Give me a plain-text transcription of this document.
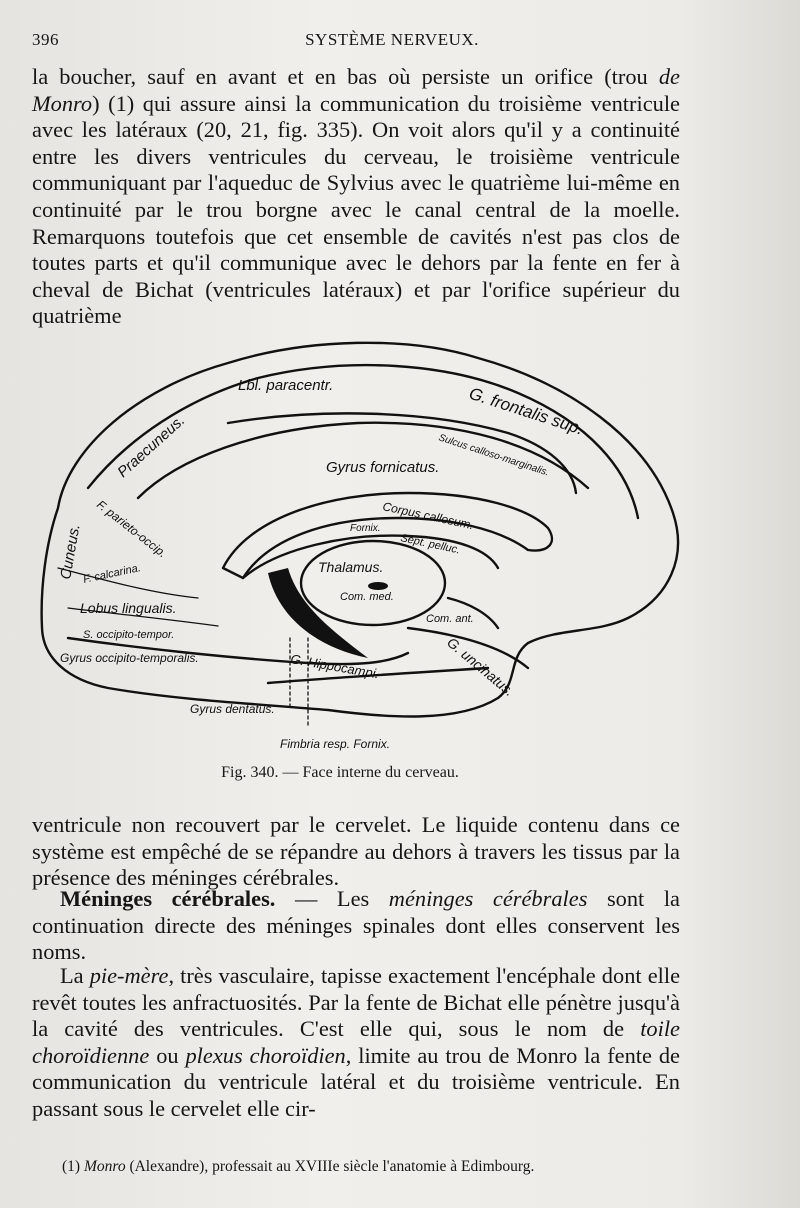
396	SYSTÈME NERVEUX.

la boucher, sauf en avant et en bas où persiste un orifice (trou de Monro) (1) qui assure ainsi la communication du troisième ventricule avec les latéraux (20, 21, fig. 335). On voit alors qu'il y a continuité entre les divers ventricules du cerveau, le troisième ventricule communiquant par l'aqueduc de Sylvius avec le quatrième lui-même en continuité par le trou borgne avec le canal central de la moelle. Remarquons toutefois que cet ensemble de cavités n'est pas clos de toutes parts et qu'il communique avec le dehors par la fente en fer à cheval de Bichat (ventricules latéraux) et par l'orifice supérieur du quatrième

Lbl. paracentr.	G. frontalis sup.
Praecuneus.	Sulcus calloso-marginalis.
Gyrus fornicatus.
F. parieto-occip.	Corpus callosum.
Fornix.
Sept. pelluc.
Cuneus.	Thalamus.
F. calcarina.
Com. med.
Lobus lingualis.
Com. ant.
S. occipito-tempor.	G. uncinatus.
Gyrus occipito-temporalis.	G. Hippocampi.
Gyrus dentatus.
Fimbria resp. Fornix.
Fig. 340. — Face interne du cerveau.

ventricule non recouvert par le cervelet. Le liquide contenu dans ce système est empêché de se répandre au dehors à travers les tissus par la présence des méninges cérébrales.

Méninges cérébrales. — Les méninges cérébrales sont la continuation directe des méninges spinales dont elles conservent les noms.

La pie-mère, très vasculaire, tapisse exactement l'encéphale dont elle revêt toutes les anfractuosités. Par la fente de Bichat elle pénètre jusqu'à la cavité des ventricules. C'est elle qui, sous le nom de toile choroïdienne ou plexus choroïdien, limite au trou de Monro la fente de communication du ventricule latéral et du troisième ventricule. En passant sous le cervelet elle cir-

(1) Monro (Alexandre), professait au XVIIIe siècle l'anatomie à Edimbourg.
